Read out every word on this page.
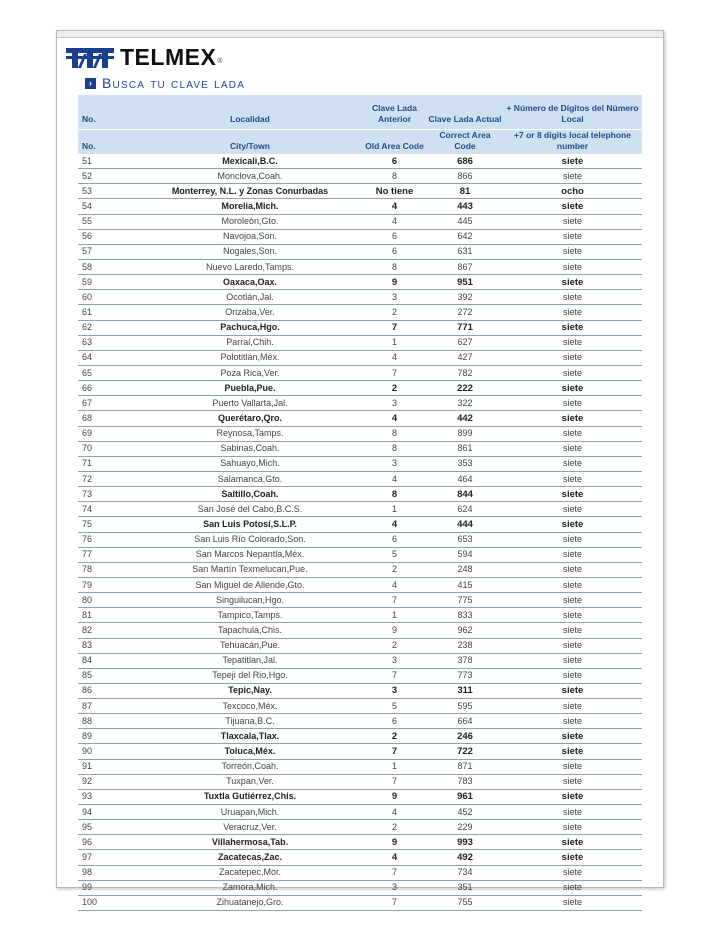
TELMEX ®
› Busca tu clave lada
No.	Localidad	Clave Lada Anterior	Clave Lada Actual	+ Número de Dígitos del Número Local
No.	City/Town	Old Area Code	Correct Area Code	+7 or 8 digits local telephone number
51	Mexicali,B.C.	6	686	siete
52	Monclova,Coah.	8	866	siete
53	Monterrey, N.L. y Zonas Conurbadas	No tiene	81	ocho
54	Morelia,Mich.	4	443	siete
55	Moroleón,Gto.	4	445	siete
56	Navojoa,Son.	6	642	siete
57	Nogales,Son.	6	631	siete
58	Nuevo Laredo,Tamps.	8	867	siete
59	Oaxaca,Oax.	9	951	siete
60	Ocotlán,Jal.	3	392	siete
61	Orizaba,Ver.	2	272	siete
62	Pachuca,Hgo.	7	771	siete
63	Parral,Chih.	1	627	siete
64	Polotitlán,Méx.	4	427	siete
65	Poza Rica,Ver.	7	782	siete
66	Puebla,Pue.	2	222	siete
67	Puerto Vallarta,Jal.	3	322	siete
68	Querétaro,Qro.	4	442	siete
69	Reynosa,Tamps.	8	899	siete
70	Sabinas,Coah.	8	861	siete
71	Sahuayo,Mich.	3	353	siete
72	Salamanca,Gto.	4	464	siete
73	Saltillo,Coah.	8	844	siete
74	San José del Cabo,B.C.S.	1	624	siete
75	San Luis Potosí,S.L.P.	4	444	siete
76	San Luis Río Colorado,Son.	6	653	siete
77	San Marcos Nepantla,Méx.	5	594	siete
78	San Martín Texmelucan,Pue.	2	248	siete
79	San Miguel de Allende,Gto.	4	415	siete
80	Singuilucan,Hgo.	7	775	siete
81	Tampico,Tamps.	1	833	siete
82	Tapachula,Chis.	9	962	siete
83	Tehuacán,Pue.	2	238	siete
84	Tepatitlan,Jal.	3	378	siete
85	Tepeji del Rio,Hgo.	7	773	siete
86	Tepic,Nay.	3	311	siete
87	Texcoco,Méx.	5	595	siete
88	Tijuana,B.C.	6	664	siete
89	Tlaxcala,Tlax.	2	246	siete
90	Toluca,Méx.	7	722	siete
91	Torreón,Coah.	1	871	siete
92	Tuxpan,Ver.	7	783	siete
93	Tuxtla Gutiérrez,Chis.	9	961	siete
94	Uruapan,Mich.	4	452	siete
95	Veracruz,Ver.	2	229	siete
96	Villahermosa,Tab.	9	993	siete
97	Zacatecas,Zac.	4	492	siete
98	Zacatepec,Mor.	7	734	siete
99	Zamora,Mich.	3	351	siete
100	Zihuatanejo,Gro.	7	755	siete
